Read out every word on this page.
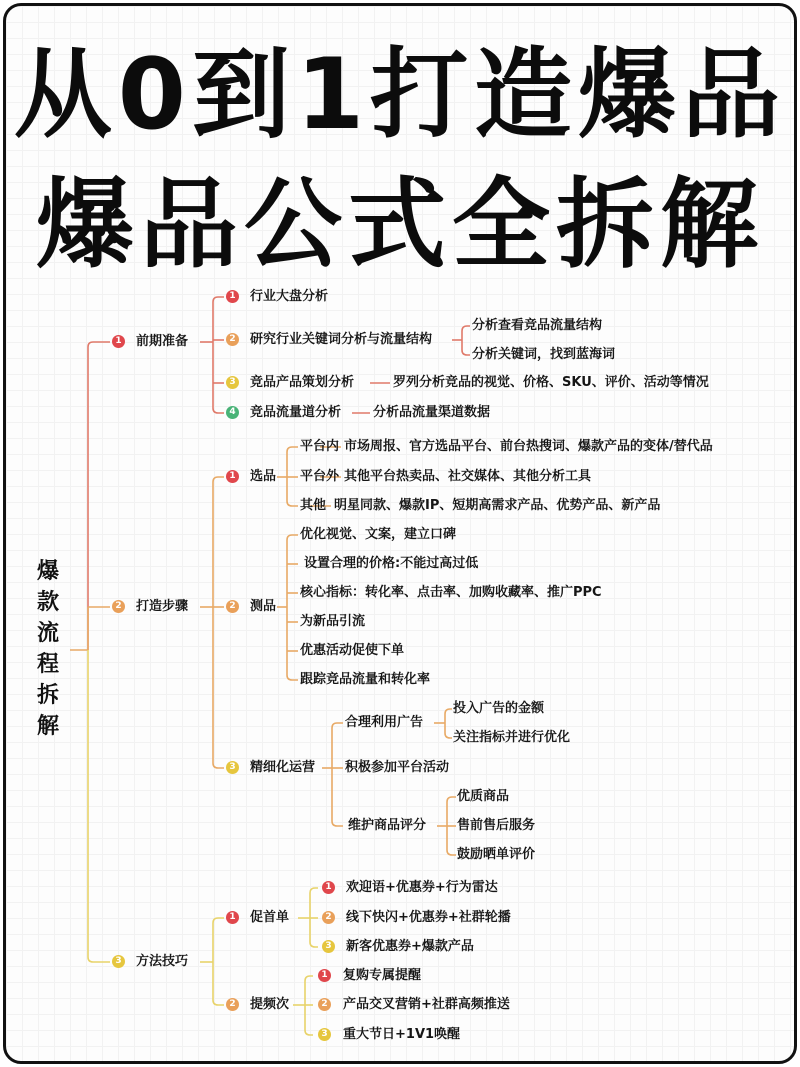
从0到1打造爆品
爆品公式全拆解
爆款流程拆解
1 前期准备
2 打造步骤
3 方法技巧
1 行业大盘分析
2 研究行业关键词分析与流量结构
3 竞品产品策划分析
4 竞品流量道分析
分析查看竞品流量结构
分析关键词，找到蓝海词
罗列分析竞品的视觉、价格、SKU、评价、活动等情况
分析品流量渠道数据
1 选品
2 测品
3 精细化运营
平台内 市场周报、官方选品平台、前台热搜词、爆款产品的变体/替代品
平台外 其他平台热卖品、社交媒体、其他分析工具
其他 明星同款、爆款IP、短期高需求产品、优势产品、新产品
优化视觉、文案，建立口碑
设置合理的价格:不能过高过低
核心指标：转化率、点击率、加购收藏率、推广PPC
为新品引流
优惠活动促使下单
跟踪竞品流量和转化率
合理利用广告
积极参加平台活动
维护商品评分
投入广告的金额
关注指标并进行优化
优质商品
售前售后服务
鼓励晒单评价
1 促首单
2 提频次
1 欢迎语+优惠券+行为雷达
2 线下快闪+优惠券+社群轮播
3 新客优惠券+爆款产品
1 复购专属提醒
2 产品交叉营销+社群高频推送
3 重大节日+1V1唤醒
